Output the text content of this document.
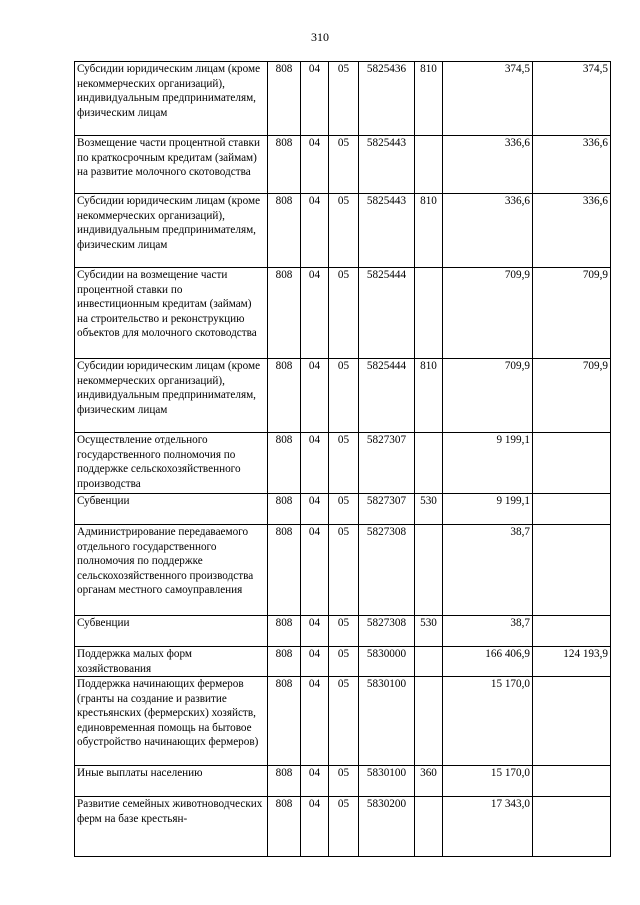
310
Субсидии юридическим лицам (кроме некоммерческих организаций), индивидуальным предпринимателям, физическим лицам	808	04	05	5825436	810	374,5	374,5
Возмещение части процентной ставки по краткосрочным кредитам (займам) на развитие молочного скотоводства	808	04	05	5825443		336,6	336,6
Субсидии юридическим лицам (кроме некоммерческих организаций), индивидуальным предпринимателям, физическим лицам	808	04	05	5825443	810	336,6	336,6
Субсидии на возмещение части процентной ставки по инвестиционным кредитам (займам) на строительство и реконструкцию объектов для молочного скотоводства	808	04	05	5825444		709,9	709,9
Субсидии юридическим лицам (кроме некоммерческих организаций), индивидуальным предпринимателям, физическим лицам	808	04	05	5825444	810	709,9	709,9
Осуществление отдельного государственного полномочия по поддержке сельскохозяйственного производства	808	04	05	5827307		9 199,1	
Субвенции	808	04	05	5827307	530	9 199,1	
Администрирование передаваемого отдельного государственного полномочия по поддержке сельскохозяйственного производства органам местного самоуправления	808	04	05	5827308		38,7	
Субвенции	808	04	05	5827308	530	38,7	
Поддержка малых форм хозяйствования	808	04	05	5830000		166 406,9	124 193,9
Поддержка начинающих фермеров (гранты на создание и развитие крестьянских (фермерских) хозяйств, единовременная помощь на бытовое обустройство начинающих фермеров)	808	04	05	5830100		15 170,0	
Иные выплаты населению	808	04	05	5830100	360	15 170,0	
Развитие семейных животноводческих ферм на базе крестьян-	808	04	05	5830200		17 343,0	
